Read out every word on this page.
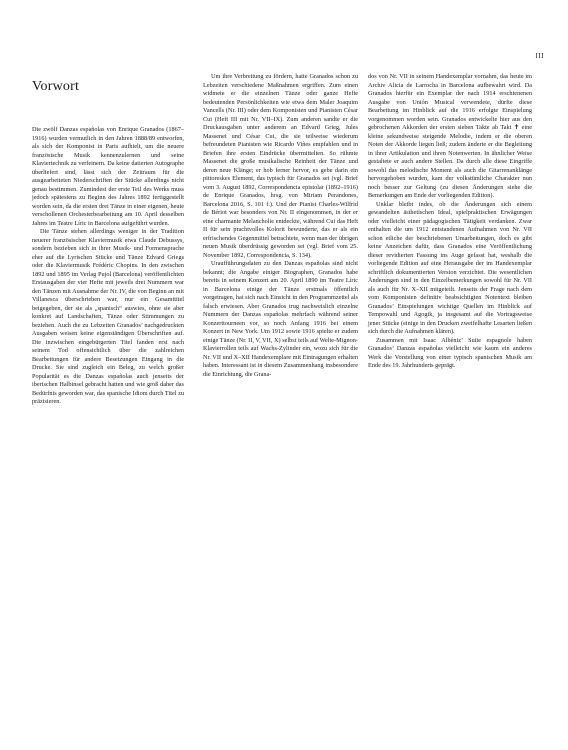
III
Vorwort

Die zwölf Danzas españolas von Enrique Granados (1867–1916) wurden vermutlich in den Jahren 1888/89 entworfen, als sich der Komponist in Paris aufhielt, um die neuere französische Musik kennenzulernen und seine Klaviertechnik zu verfeinern. Da keine datierten Autographe überliefert sind, lässt sich der Zeitraum für die ausgearbeiteten Niederschriften der Stücke allerdings nicht genau bestimmen. Zumindest der erste Teil des Werks muss jedoch spätestens zu Beginn des Jahres 1892 fertiggestellt worden sein, da die ersten drei Tänze in einer eigenen, heute verschollenen Orchesterbearbeitung am 10. April desselben Jahres im Teatre Líric in Barcelona aufgeführt wurden.

Die Tänze stehen allerdings weniger in der Tradition neuerer französischer Klaviermusik etwa Claude Debussys, sondern bezieben sich in ihrer Musik- und Formensprache eher auf die Lyrischen Stücke und Tänze Edvard Griegs oder die Klaviermusik Frédéric Chopins. In den zwischen 1892 und 1895 im Verlag Pujol (Barcelona) veröffentlichten Erstausgaben der vier Hefte mit jeweils drei Nummern war den Tänzen mit Ausnahme der Nr. IV, die von Beginn an mit Villanesca überschrieben war, nur ein Gesamttitel beigegeben, der sie als „spanisch“ auswies, ohne sie aber konkret auf Landschaften, Tänze oder Stimmungen zu beziehen. Auch die zu Lebzeiten Granados’ nachgedruckten Ausgaben weisen keine eigenständigen Überschriften auf. Die inzwischen eingebürgerten Titel fanden erst nach seinem Tod offensichtlich über die zahlreichen Bearbeitungen für andere Besetzungen Eingang in die Drucke. Sie sind zugleich ein Beleg, zu welch großer Popularität es die Danzas españolas auch jenseits der iberischen Halbinsel gebracht hatten und wie groß daher das Bedürfnis geworden war, das spanische Idiom durch Titel zu präzisieren.

Um ihre Verbreitung zu fördern, hatte Granados schon zu Lebzeiten verschiedene Maßnahmen ergriffen. Zum einen widmete er die einzelnen Tänze oder ganze Hefte bedeutenden Persönlichkeiten wie etwa dem Maler Joaquim Vancells (Nr. III) oder dem Komponisten und Pianisten César Cui (Heft III mit Nr. VII–IX). Zum anderen sandte er die Druckausgaben unter anderem an Edvard Grieg, Jules Massenet und César Cui, die sie teilweise wiederum befreundeten Pianisten wie Ricardo Viñes empfahlen und in Briefen ihre ersten Eindrücke übermittelten. So rühmte Massenet die große musikalische Reinheit der Tänze und deren neue Klänge; er hob ferner hervor, es gebe darin ein pittoreskes Element, das typisch für Granados sei (vgl. Brief vom 3. August 1892, Correspondencia epistolar (1892–1916) de Enrique Granados, hrsg. von Miriam Perandones, Barcelona 2016, S. 101 f.). Und der Pianist Charles-Wilfrid de Bériot war besonders von Nr. II eingenommen, in der er eine charmante Melancholie entdeckte, während Cui das Heft II für sein prachtvolles Kolorit bewunderte, das er als ein erfrischendes Gegenmittel betrachtete, wenn man der übrigen neuen Musik überdrüssig geworden sei (vgl. Brief vom 25. November 1892, Correspondencia, S. 134).

Uraufführungsdaten zu den Danzas españolas sind nicht bekannt; die Angabe einiger Biographen, Granados habe bereits in seinem Konzert am 20. April 1890 im Teatre Líric in Barcelona einige der Tänze erstmals öffentlich vorgetragen, hat sich nach Einsicht in den Programmzettel als falsch erwiesen. Aber Granados trug nachweislich einzelne Nummern der Danzas españolas mehrfach während seiner Konzerttourneen vor, so noch Anfang 1916 bei einem Konzert in New York. Um 1912 sowie 1916 spielte er zudem einige Tänze (Nr. II, V, VII, X) selbst teils auf Welte-Mignon-Klavierrollen teils auf Wachs-Zylinder ein, wozu sich für die Nr. VII und X–XII Handexemplare mit Eintragungen erhalten haben. Interessant ist in diesem Zusammenhang insbesondere die Einrichtung, die Grana-

dos von Nr. VII in seinem Handexemplar vornahm, das heute im Archiv Alicia de Larrocha in Barcelona aufbewahrt wird. Da Granados hierfür ein Exemplar der nach 1914 erschienenen Ausgabe von Unión Musical verwendete, dürfte diese Bearbeitung im Hinblick auf die 1916 erfolgte Einspielung vorgenommen worden sein. Granados entwickelte hier aus den gebrochenen Akkorden der ersten sieben Takte ab Takt ✝ eine kleine sekundweise steigende Melodie, indem er die oberen Noten der Akkorde liegen ließ; zudem änderte er die Begleitung in ihrer Artikulation und ihren Notenwerten. In ähnlicher Weise gestaltete er auch andere Stellen. Da durch alle diese Eingriffe sowohl das melodische Moment als auch die Gitarrenanklänge hervorgehoben wurden, kam der volkstümliche Charakter nun noch besser zur Geltung (zu diesen Änderungen siehe die Bemerkungen am Ende der vorliegenden Edition).

Unklar bleibt indes, ob die Änderungen sich einem gewandelten ästhetischen Ideal, spielpraktischen Erwägungen oder vielleicht einer pädagogischen Tätigkeit verdanken. Zwar enthalten die um 1912 entstandenen Aufnahmen von Nr. VII schon etliche der beschriebenen Umarbeitungen, doch es gibt keine Anzeichen dafür, dass Granados eine Veröffentlichung dieser revidierten Fassung ins Auge gefasst hat, weshalb die vorliegende Edition auf eine Herausgabe der im Handexemplar schriftlich dokumentierten Version verzichtet. Die wesentlichen Änderungen sind in den Einzelbemerkungen sowohl für Nr. VII als auch für Nr. X–XII mitgeteilt. Jenseits der Frage nach dem vom Komponisten definitiv beabsichtigten Notentext bleiben Granados’ Einspielungen wichtige Quellen im Hinblick auf Tempowahl und Agogik, ja insgesamt auf die Vortragsweise jener Stücke (einige in den Drucken zweifelhafte Lesarten ließen sich durch die Aufnahmen klären).

Zusammen mit Isaac Albéniz’ Suite espagnole haben Granados’ Danzas españolas vielleicht wie kaum ein anderes Werk die Vorstellung von einer typisch spanischen Musik am Ende des 19. Jahrhunderts geprägt.
